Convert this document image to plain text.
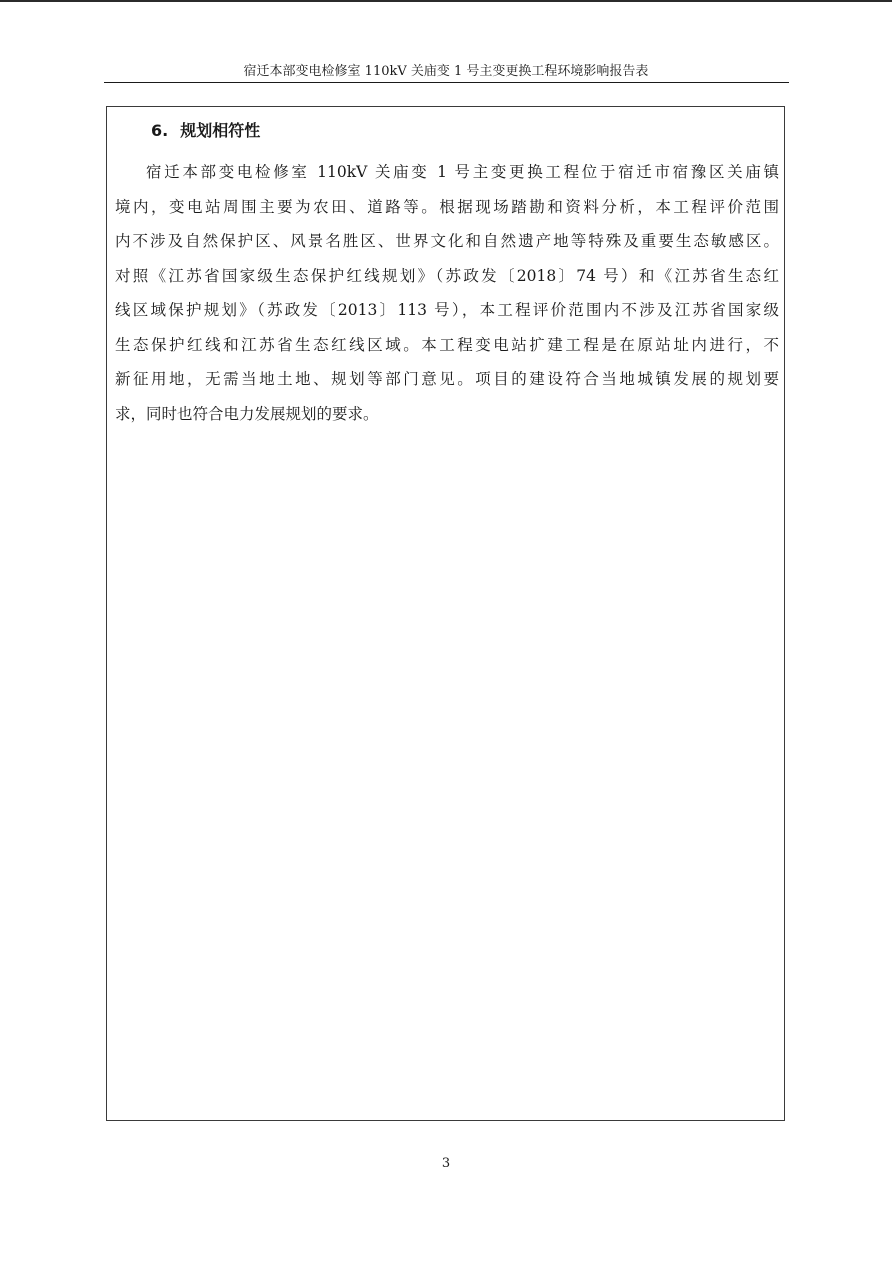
宿迁本部变电检修室 110kV 关庙变 1 号主变更换工程环境影响报告表
6. 规划相符性
宿迁本部变电检修室 110kV 关庙变 1 号主变更换工程位于宿迁市宿豫区关庙镇
境内，变电站周围主要为农田、道路等。根据现场踏勘和资料分析，本工程评价范围
内不涉及自然保护区、风景名胜区、世界文化和自然遗产地等特殊及重要生态敏感区。
对照《江苏省国家级生态保护红线规划》（苏政发〔2018〕74 号）和《江苏省生态红
线区域保护规划》（苏政发〔2013〕113 号），本工程评价范围内不涉及江苏省国家级
生态保护红线和江苏省生态红线区域。本工程变电站扩建工程是在原站址内进行，不
新征用地，无需当地土地、规划等部门意见。项目的建设符合当地城镇发展的规划要
求，同时也符合电力发展规划的要求。
3
